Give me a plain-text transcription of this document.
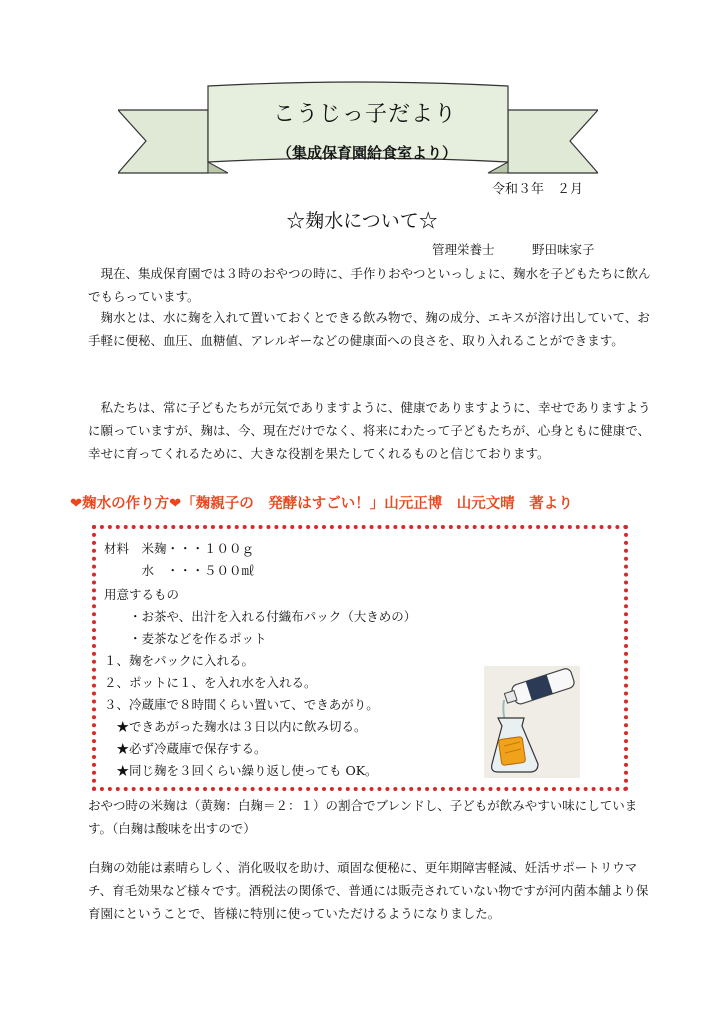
こうじっ子だより
（集成保育園給食室より）
令和３年　２月
☆麹水について☆
管理栄養士　　　野田味家子
　現在、集成保育園では３時のおやつの時に、手作りおやつといっしょに、麹水を子どもたちに飲んでもらっています。
　麹水とは、水に麹を入れて置いておくとできる飲み物で、麹の成分、エキスが溶け出していて、お手軽に便秘、血圧、血糖値、アレルギーなどの健康面への良さを、取り入れることができます。
　私たちは、常に子どもたちが元気でありますように、健康でありますように、幸せでありますように願っていますが、麹は、今、現在だけでなく、将来にわたって子どもたちが、心身ともに健康で、幸せに育ってくれるために、大きな役割を果たしてくれるものと信じております。
❤麹水の作り方❤「麹親子の　発酵はすごい！」山元正博　山元文晴　著より
材料　米麹・・・１００ｇ
　　　水　・・・５００㎖
用意するもの
　　・お茶や、出汁を入れる付織布パック（大きめの）
　　・麦茶などを作るポット
１、麹をパックに入れる。
２、ポットに１、を入れ水を入れる。
３、冷蔵庫で８時間くらい置いて、できあがり。
　★できあがった麹水は３日以内に飲み切る。
　★必ず冷蔵庫で保存する。
　★同じ麹を３回くらい繰り返し使っても OK。
おやつ時の米麹は（黄麹：白麹＝２：１）の割合でブレンドし、子どもが飲みやすい味にしています。（白麹は酸味を出すので）
白麹の効能は素晴らしく、消化吸収を助け、頑固な便秘に、更年期障害軽減、妊活サポートリウマチ、育毛効果など様々です。酒税法の関係で、普通には販売されていない物ですが河内菌本舗より保育園にということで、皆様に特別に使っていただけるようになりました。
